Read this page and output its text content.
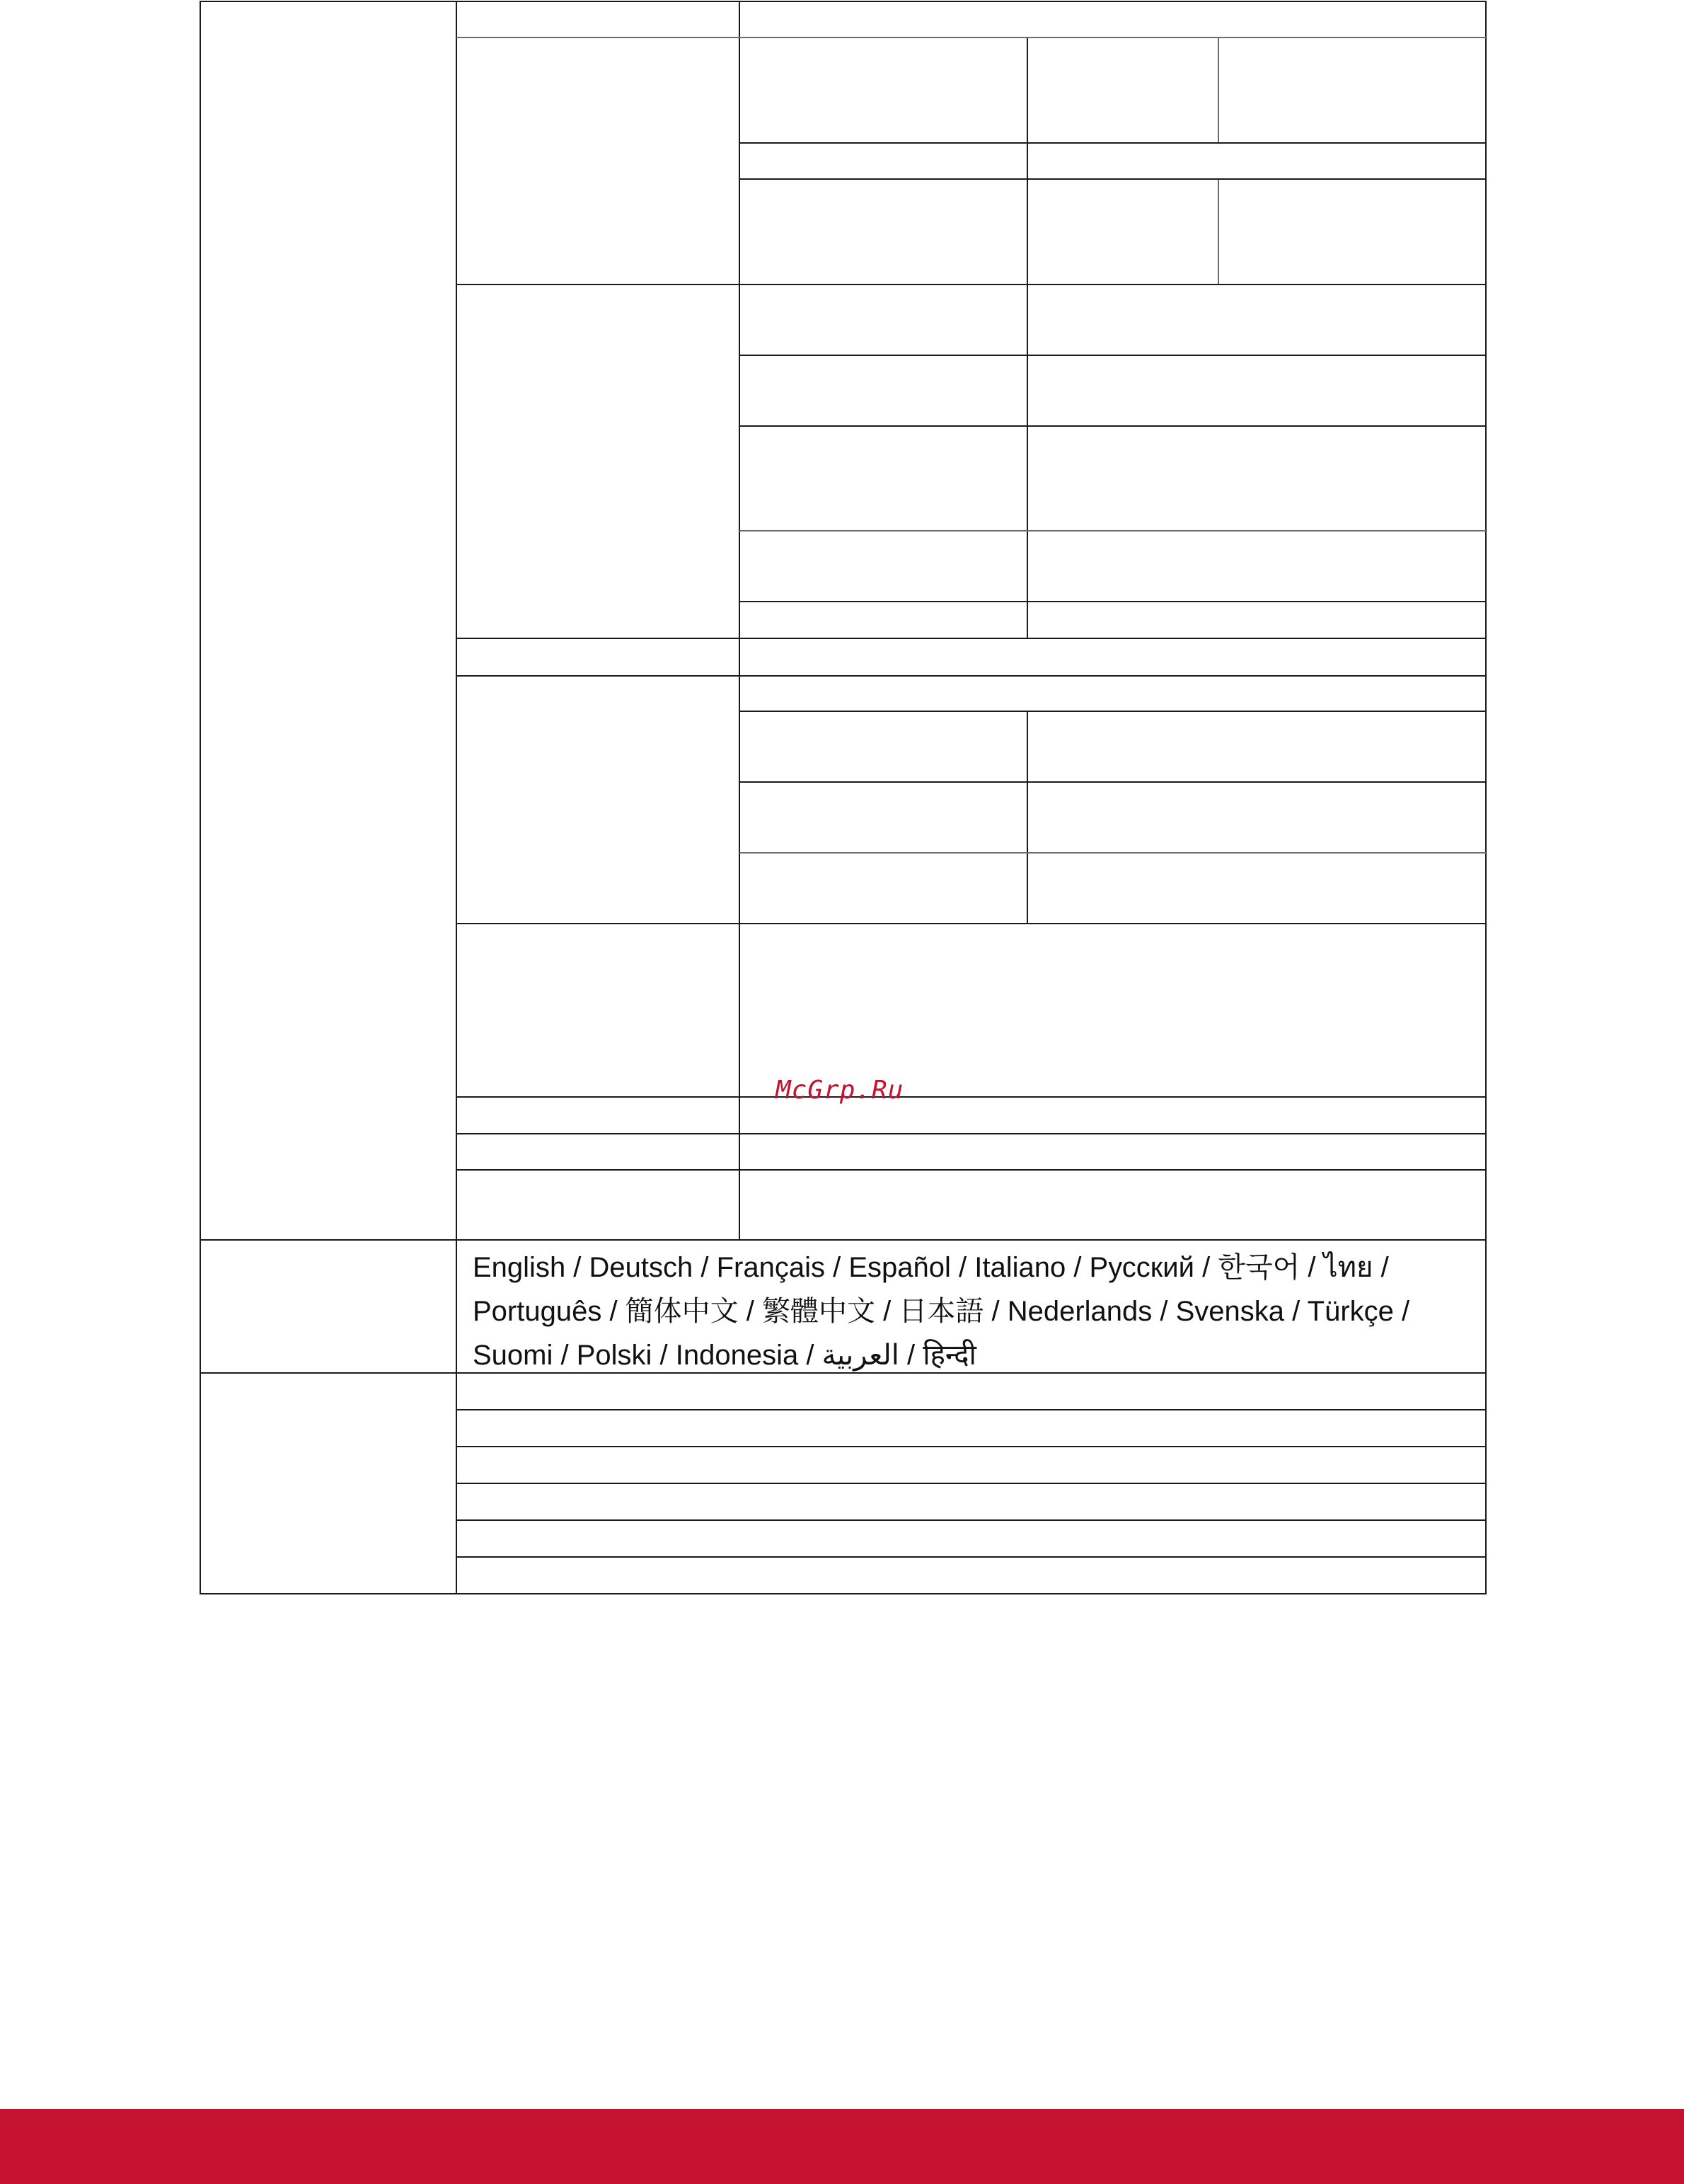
English / Deutsch / Français / Español / Italiano / Русский / 한국어 / ไทย /
Português / 簡体中文 / 繁體中文 / 日本語 / Nederlands / Svenska / Türkçe /
Suomi / Polski / Indonesia / العربية / हिन्दी
McGrp.Ru
